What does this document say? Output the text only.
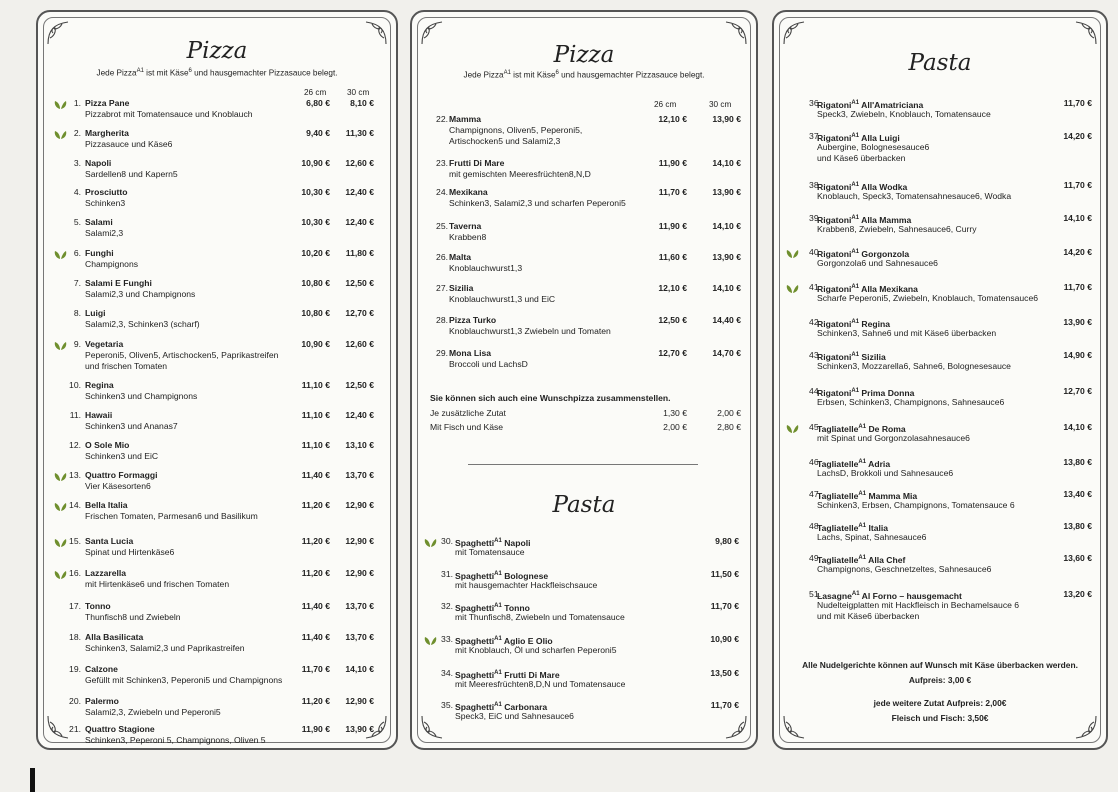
Pizza
Jede Pizza$^{A1}$ ist mit Käse$^6$ und hausgemachter Pizzasauce belegt.
26 cm	30 cm
1. Pizza Pane
Pizzabrot mit Tomatensauce und Knoblauch
6,80 €	8,10 €
2. Margherita
Pizzasauce und Käse6
9,40 €	11,30 €
3. Napoli
Sardellen8 und Kapern5
10,90 €	12,60 €
4. Prosciutto
Schinken3
10,30 €	12,40 €
5. Salami
Salami2,3
10,30 €	12,40 €
6. Funghi
Champignons
10,20 €	11,80 €
7. Salami E Funghi
Salami2,3 und Champignons
10,80 €	12,50 €
8. Luigi
Salami2,3, Schinken3 (scharf)
10,80 €	12,70 €
9. Vegetaria
Peperoni5, Oliven5, Artischocken5, Paprikastreifen
und frischen Tomaten
10,90 €	12,60 €
10. Regina
Schinken3 und Champignons
11,10 €	12,50 €
11. Hawaii
Schinken3 und Ananas7
11,10 €	12,40 €
12. O Sole Mio
Schinken3 und EiC
11,10 €	13,10 €
13. Quattro Formaggi
Vier Käsesorten6
11,40 €	13,70 €
14. Bella Italia
Frischen Tomaten, Parmesan6 und Basilikum
11,20 €	12,90 €
15. Santa Lucia
Spinat und Hirtenkäse6
11,20 €	12,90 €
16. Lazzarella
mit Hirtenkäse6 und frischen Tomaten
11,20 €	12,90 €
17. Tonno
Thunfisch8 und Zwiebeln
11,40 €	13,70 €
18. Alla Basilicata
Schinken3, Salami2,3 und Paprikastreifen
11,40 €	13,70 €
19. Calzone
Gefüllt mit Schinken3, Peperoni5 und Champignons
11,70 €	14,10 €
20. Palermo
Salami2,3, Zwiebeln und Peperoni5
11,20 €	12,90 €
21. Quattro Stagione
Schinken3, Peperoni 5, Champignons, Oliven 5
11,90 €	13,90 €
Pizza
Jede Pizza$^{A1}$ ist mit Käse$^6$ und hausgemachter Pizzasauce belegt.
26 cm	30 cm
22. Mamma
Champignons, Oliven5, Peperoni5,
Artischocken5 und Salami2,3
12,10 €	13,90 €
23. Frutti Di Mare
mit gemischten Meeresfrüchten8,N,D
11,90 €	14,10 €
24. Mexikana
Schinken3, Salami2,3 und scharfen Peperoni5
11,70 €	13,90 €
25. Taverna
Krabben8
11,90 €	14,10 €
26. Malta
Knoblauchwurst1,3
11,60 €	13,90 €
27. Sizilia
Knoblauchwurst1,3 und EiC
12,10 €	14,10 €
28. Pizza Turko
Knoblauchwurst1,3 Zwiebeln und Tomaten
12,50 €	14,40 €
29. Mona Lisa
Broccoli und LachsD
12,70 €	14,70 €
Sie können sich auch eine Wunschpizza zusammenstellen.
Je zusätzliche Zutat	1,30 €	2,00 €
Mit Fisch und Käse	2,00 €	2,80 €
Pasta
30. Spaghetti$^{A1}$ Napoli
mit Tomatensauce
9,80 €
31. Spaghetti$^{A1}$ Bolognese
mit hausgemachter Hackfleischsauce
11,50 €
32. Spaghetti$^{A1}$ Tonno
mit Thunfisch8, Zwiebeln und Tomatensauce
11,70 €
33. Spaghetti$^{A1}$ Aglio E Olio
mit Knoblauch, Öl und scharfen Peperoni5
10,90 €
34. Spaghetti$^{A1}$ Frutti Di Mare
mit Meeresfrüchten8,D,N und Tomatensauce
13,50 €
35. Spaghetti$^{A1}$ Carbonara
Speck3, EiC und Sahnesauce6
11,70 €
Pasta
36.
Rigatoni$^{A1}$ All'Amatriciana
Speck3, Zwiebeln, Knoblauch, Tomatensauce
11,70 €
37.
Rigatoni$^{A1}$ Alla Luigi
Aubergine, Bolognesesauce6
und Käse6 überbacken
14,20 €
38.
Rigatoni$^{A1}$ Alla Wodka
Knoblauch, Speck3, Tomatensahnesauce6, Wodka
11,70 €
39.
Rigatoni$^{A1}$ Alla Mamma
Krabben8, Zwiebeln, Sahnesauce6, Curry
14,10 €
40.
Rigatoni$^{A1}$ Gorgonzola
Gorgonzola6 und Sahnesauce6
14,20 €
41.
Rigatoni$^{A1}$ Alla Mexikana
Scharfe Peperoni5, Zwiebeln, Knoblauch, Tomatensauce6
11,70 €
42.
Rigatoni$^{A1}$ Regina
Schinken3, Sahne6 und mit Käse6 überbacken
13,90 €
43.
Rigatoni$^{A1}$ Sizilia
Schinken3, Mozzarella6, Sahne6, Bolognesesauce
14,90 €
44.
Rigatoni$^{A1}$ Prima Donna
Erbsen, Schinken3, Champignons, Sahnesauce6
12,70 €
45.
Tagliatelle$^{A1}$ De Roma
mit Spinat und Gorgonzolasahnesauce6
14,10 €
46.
Tagliatelle$^{A1}$ Adria
LachsD, Brokkoli und Sahnesauce6
13,80 €
47.
Tagliatelle$^{A1}$ Mamma Mia
Schinken3, Erbsen, Champignons, Tomatensauce 6
13,40 €
48.
Tagliatelle$^{A1}$ Italia
Lachs, Spinat, Sahnesauce6
13,80 €
49.
Tagliatelle$^{A1}$ Alla Chef
Champignons, Geschnetzeltes, Sahnesauce6
13,60 €
51.
Lasagne$^{A1}$ Al Forno – hausgemacht
Nudelteigplatten mit Hackfleisch in Bechamelsauce 6
und mit Käse6 überbacken
13,20 €
Alle Nudelgerichte können auf Wunsch mit Käse überbacken werden.
Aufpreis: 3,00 €
jede weitere Zutat Aufpreis: 2,00€
Fleisch und Fisch: 3,50€
